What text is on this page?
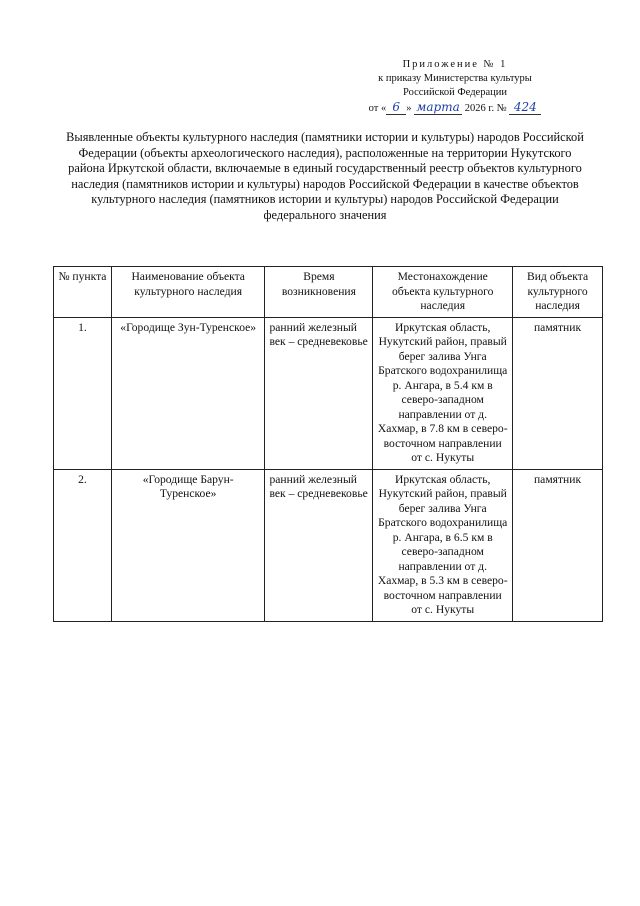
Приложение № 1
к приказу Министерства культуры
Российской Федерации
от « 6 » марта 2026 г. № 424
Выявленные объекты культурного наследия (памятники истории и культуры) народов Российской Федерации (объекты археологического наследия), расположенные на территории Нукутского района Иркутской области, включаемые в единый государственный реестр объектов культурного наследия (памятников истории и культуры) народов Российской Федерации в качестве объектов культурного наследия (памятников истории и культуры) народов Российской Федерации федерального значения
№ пункта	Наименование объекта культурного наследия	Время возникновения	Местонахождение объекта культурного наследия	Вид объекта культурного наследия
1.	«Городище Зун-Туренское»	ранний железный век – средневековье	Иркутская область, Нукутский район, правый берег залива Унга Братского водохранилища р. Ангара, в 5.4 км в северо-западном направлении от д. Хахмар, в 7.8 км в северо-восточном направлении от с. Нукуты	памятник
2.	«Городище Барун-Туренское»	ранний железный век – средневековье	Иркутская область, Нукутский район, правый берег залива Унга Братского водохранилища р. Ангара, в 6.5 км в северо-западном направлении от д. Хахмар, в 5.3 км в северо-восточном направлении от с. Нукуты	памятник
